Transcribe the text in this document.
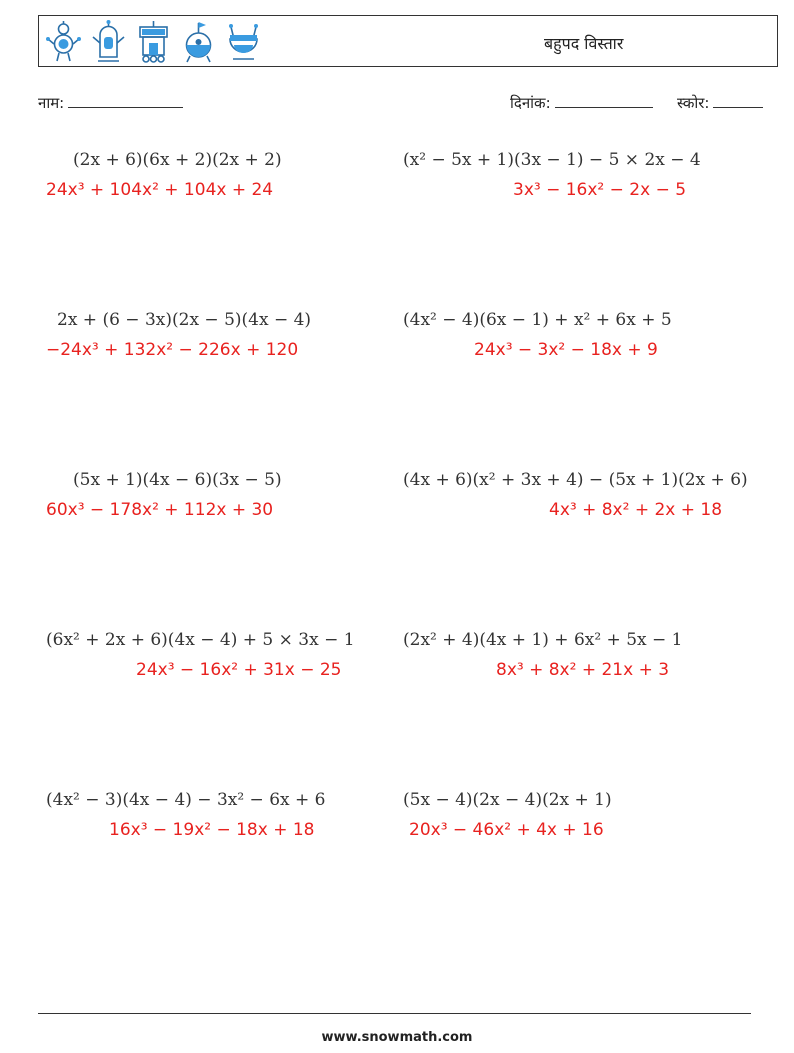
बहुपद विस्तार
नाम:	दिनांक:	स्कोर:
(2x + 6)(6x + 2)(2x + 2)
24x³ + 104x² + 104x + 24
(x² − 5x + 1)(3x − 1) − 5 × 2x − 4
3x³ − 16x² − 2x − 5
2x + (6 − 3x)(2x − 5)(4x − 4)
−24x³ + 132x² − 226x + 120
(4x² − 4)(6x − 1) + x² + 6x + 5
24x³ − 3x² − 18x + 9
(5x + 1)(4x − 6)(3x − 5)
60x³ − 178x² + 112x + 30
(4x + 6)(x² + 3x + 4) − (5x + 1)(2x + 6)
4x³ + 8x² + 2x + 18
(6x² + 2x + 6)(4x − 4) + 5 × 3x − 1
24x³ − 16x² + 31x − 25
(2x² + 4)(4x + 1) + 6x² + 5x − 1
8x³ + 8x² + 21x + 3
(4x² − 3)(4x − 4) − 3x² − 6x + 6
16x³ − 19x² − 18x + 18
(5x − 4)(2x − 4)(2x + 1)
20x³ − 46x² + 4x + 16
www.snowmath.com
